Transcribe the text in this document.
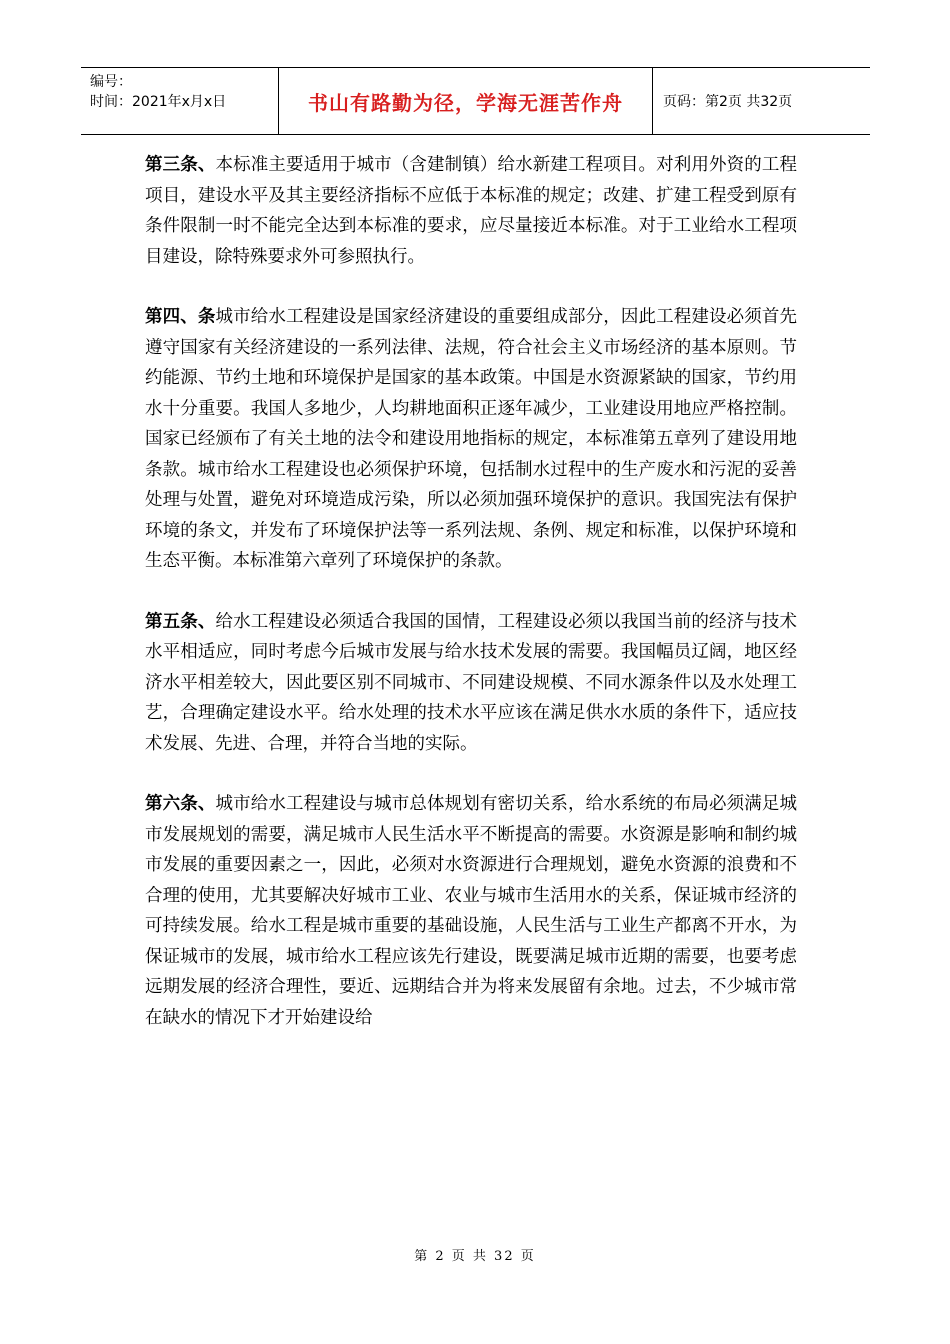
编号：
时间：2021年x月x日	书山有路勤为径，学海无涯苦作舟	页码：第2页 共32页

第三条、本标准主要适用于城市（含建制镇）给水新建工程项目。对利用外资的工程项目，建设水平及其主要经济指标不应低于本标准的规定；改建、扩建工程受到原有条件限制一时不能完全达到本标准的要求，应尽量接近本标准。对于工业给水工程项目建设，除特殊要求外可参照执行。

第四、条城市给水工程建设是国家经济建设的重要组成部分，因此工程建设必须首先遵守国家有关经济建设的一系列法律、法规，符合社会主义市场经济的基本原则。节约能源、节约土地和环境保护是国家的基本政策。中国是水资源紧缺的国家，节约用水十分重要。我国人多地少，人均耕地面积正逐年减少，工业建设用地应严格控制。国家已经颁布了有关土地的法令和建设用地指标的规定，本标准第五章列了建设用地条款。城市给水工程建设也必须保护环境，包括制水过程中的生产废水和污泥的妥善处理与处置，避免对环境造成污染，所以必须加强环境保护的意识。我国宪法有保护环境的条文，并发布了环境保护法等一系列法规、条例、规定和标准，以保护环境和生态平衡。本标准第六章列了环境保护的条款。

第五条、给水工程建设必须适合我国的国情，工程建设必须以我国当前的经济与技术水平相适应，同时考虑今后城市发展与给水技术发展的需要。我国幅员辽阔，地区经济水平相差较大，因此要区别不同城市、不同建设规模、不同水源条件以及水处理工艺，合理确定建设水平。给水处理的技术水平应该在满足供水水质的条件下，适应技术发展、先进、合理，并符合当地的实际。

第六条、城市给水工程建设与城市总体规划有密切关系，给水系统的布局必须满足城市发展规划的需要，满足城市人民生活水平不断提高的需要。水资源是影响和制约城市发展的重要因素之一，因此，必须对水资源进行合理规划，避免水资源的浪费和不合理的使用，尤其要解决好城市工业、农业与城市生活用水的关系，保证城市经济的可持续发展。给水工程是城市重要的基础设施，人民生活与工业生产都离不开水，为保证城市的发展，城市给水工程应该先行建设，既要满足城市近期的需要，也要考虑远期发展的经济合理性，要近、远期结合并为将来发展留有余地。过去，不少城市常在缺水的情况下才开始建设给

第 2 页 共 32 页
